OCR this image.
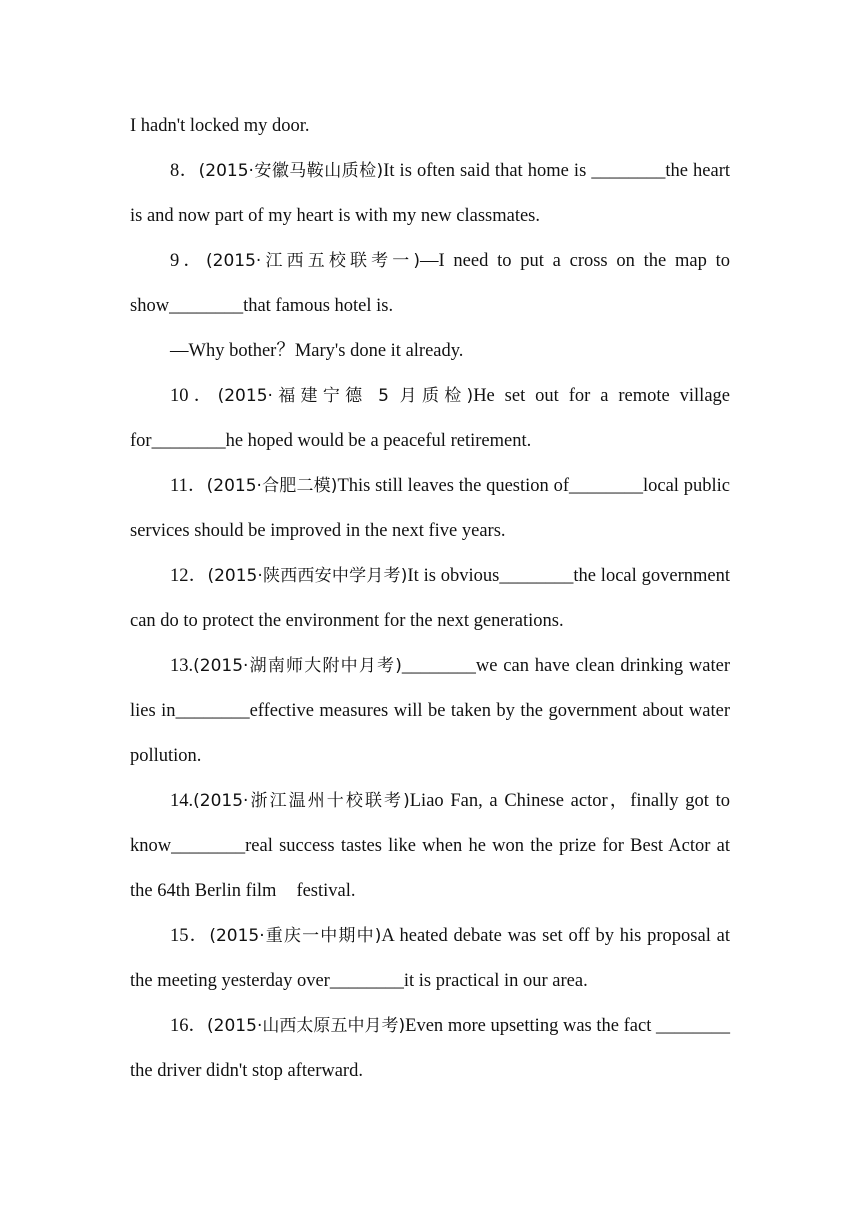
I hadn't locked my door.

8．(2015·安徽马鞍山质检)It is often said that home is ________the heart is and now part of my heart is with my new classmates.

9．(2015·江西五校联考一)—I need to put a cross on the map to show________that famous hotel is.

—Why bother？Mary's done it already.

10．(2015·福建宁德 5 月质检)He set out for a remote village for________he hoped would be a peaceful retirement.

11．(2015·合肥二模)This still leaves the question of________local public services should be improved in the next five years.

12．(2015·陕西西安中学月考)It is obvious________the local government can do to protect the environment for the next generations.

13.(2015·湖南师大附中月考)________we can have clean drinking water lies in________effective measures will be taken by the government about water pollution.

14.(2015·浙江温州十校联考)Liao Fan, a Chinese actor，finally got to know________real success tastes like when he won the prize for Best Actor at the 64th Berlin film festival.

15．(2015·重庆一中期中)A heated debate was set off by his proposal at the meeting yesterday over________it is practical in our area.

16．(2015·山西太原五中月考)Even more upsetting was the fact ________ the driver didn't stop afterward.
